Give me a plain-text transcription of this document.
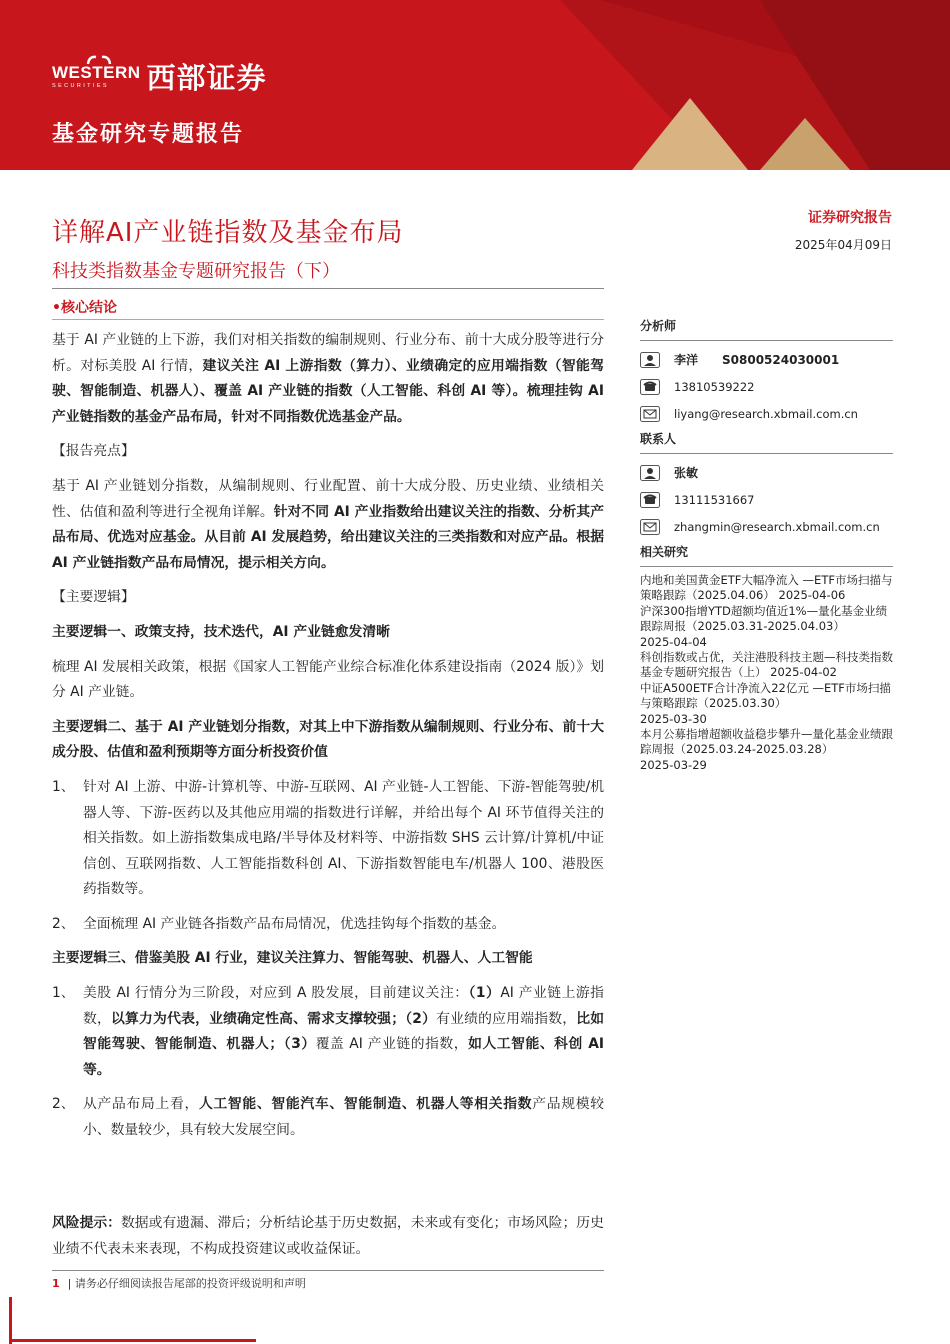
WESTERN
SECURITIES	西部证券
基金研究专题报告
详解AI产业链指数及基金布局
科技类指数基金专题研究报告（下）
证券研究报告
2025年04月09日
•核心结论

基于 AI 产业链的上下游，我们对相关指数的编制规则、行业分布、前十大成分股等进行分析。对标美股 AI 行情，建议关注 AI 上游指数（算力）、业绩确定的应用端指数（智能驾驶、智能制造、机器人）、覆盖 AI 产业链的指数（人工智能、科创 AI 等）。梳理挂钩 AI 产业链指数的基金产品布局，针对不同指数优选基金产品。

【报告亮点】

基于 AI 产业链划分指数，从编制规则、行业配置、前十大成分股、历史业绩、业绩相关性、估值和盈利等进行全视角详解。针对不同 AI 产业指数给出建议关注的指数、分析其产品布局、优选对应基金。从目前 AI 发展趋势，给出建议关注的三类指数和对应产品。根据 AI 产业链指数产品布局情况，提示相关方向。

【主要逻辑】

主要逻辑一、政策支持，技术迭代，AI 产业链愈发清晰

梳理 AI 发展相关政策，根据《国家人工智能产业综合标准化体系建设指南（2024 版）》划分 AI 产业链。

主要逻辑二、基于 AI 产业链划分指数，对其上中下游指数从编制规则、行业分布、前十大成分股、估值和盈利预期等方面分析投资价值

1、 针对 AI 上游、中游-计算机等、中游-互联网、AI 产业链-人工智能、下游-智能驾驶/机器人等、下游-医药以及其他应用端的指数进行详解，并给出每个 AI 环节值得关注的相关指数。如上游指数集成电路/半导体及材料等、中游指数 SHS 云计算/计算机/中证信创、互联网指数、人工智能指数科创 AI、下游指数智能电车/机器人 100、港股医药指数等。
2、 全面梳理 AI 产业链各指数产品布局情况，优选挂钩每个指数的基金。

主要逻辑三、借鉴美股 AI 行业，建议关注算力、智能驾驶、机器人、人工智能

1、 美股 AI 行情分为三阶段，对应到 A 股发展，目前建议关注：（1）AI 产业链上游指数，以算力为代表，业绩确定性高、需求支撑较强；（2）有业绩的应用端指数，比如智能驾驶、智能制造、机器人；（3）覆盖 AI 产业链的指数，如人工智能、科创 AI 等。
2、 从产品布局上看，人工智能、智能汽车、智能制造、机器人等相关指数产品规模较小、数量较少，具有较大发展空间。
风险提示：数据或有遗漏、滞后；分析结论基于历史数据，未来或有变化；市场风险；历史业绩不代表未来表现，不构成投资建议或收益保证。
分析师
李洋 S0800524030001
13810539222
liyang@research.xbmail.com.cn
联系人
张敏
13111531667
zhangmin@research.xbmail.com.cn
相关研究
内地和美国黄金ETF大幅净流入 —ETF市场扫描与策略跟踪（2025.04.06） 2025-04-06
沪深300指增YTD超额均值近1%—量化基金业绩跟踪周报（2025.03.31-2025.04.03）
2025-04-04
科创指数或占优，关注港股科技主题—科技类指数基金专题研究报告（上） 2025-04-02
中证A500ETF合计净流入22亿元 —ETF市场扫描与策略跟踪（2025.03.30）
2025-03-30
本月公募指增超额收益稳步攀升—量化基金业绩跟踪周报（2025.03.24-2025.03.28）
2025-03-29
1 | 请务必仔细阅读报告尾部的投资评级说明和声明
